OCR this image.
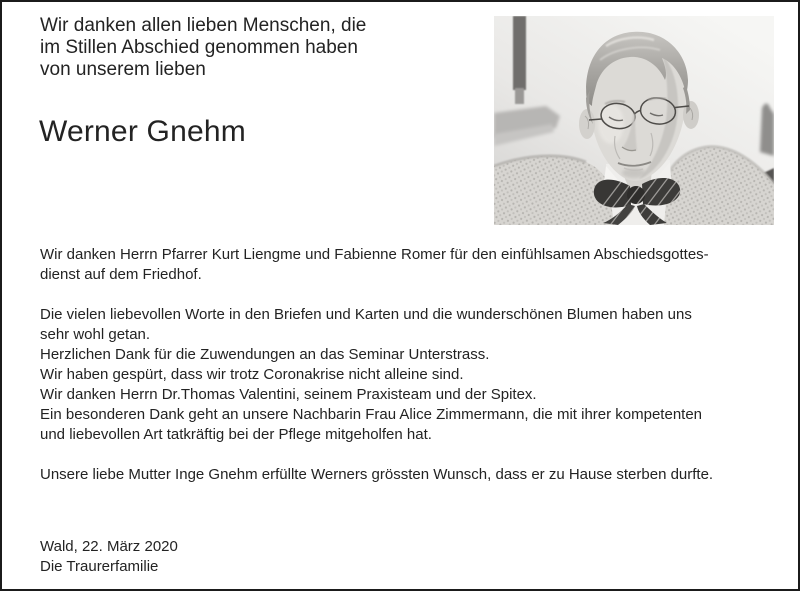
Wir danken allen lieben Menschen, die
im Stillen Abschied genommen haben
von unserem lieben
Werner Gnehm
Wir danken Herrn Pfarrer Kurt Liengme und Fabienne Romer für den einfühlsamen Abschiedsgottes-
dienst auf dem Friedhof.
Die vielen liebevollen Worte in den Briefen und Karten und die wunderschönen Blumen haben uns
sehr wohl getan.
Herzlichen Dank für die Zuwendungen an das Seminar Unterstrass.
Wir haben gespürt, dass wir trotz Coronakrise nicht alleine sind.
Wir danken Herrn Dr.Thomas Valentini, seinem Praxisteam und der Spitex.
Ein besonderen Dank geht an unsere Nachbarin Frau Alice Zimmermann, die mit ihrer kompetenten
und liebevollen Art tatkräftig bei der Pflege mitgeholfen hat.
Unsere liebe Mutter Inge Gnehm erfüllte Werners grössten Wunsch, dass er zu Hause sterben durfte.
Wald, 22. März 2020
Die Traurerfamilie
